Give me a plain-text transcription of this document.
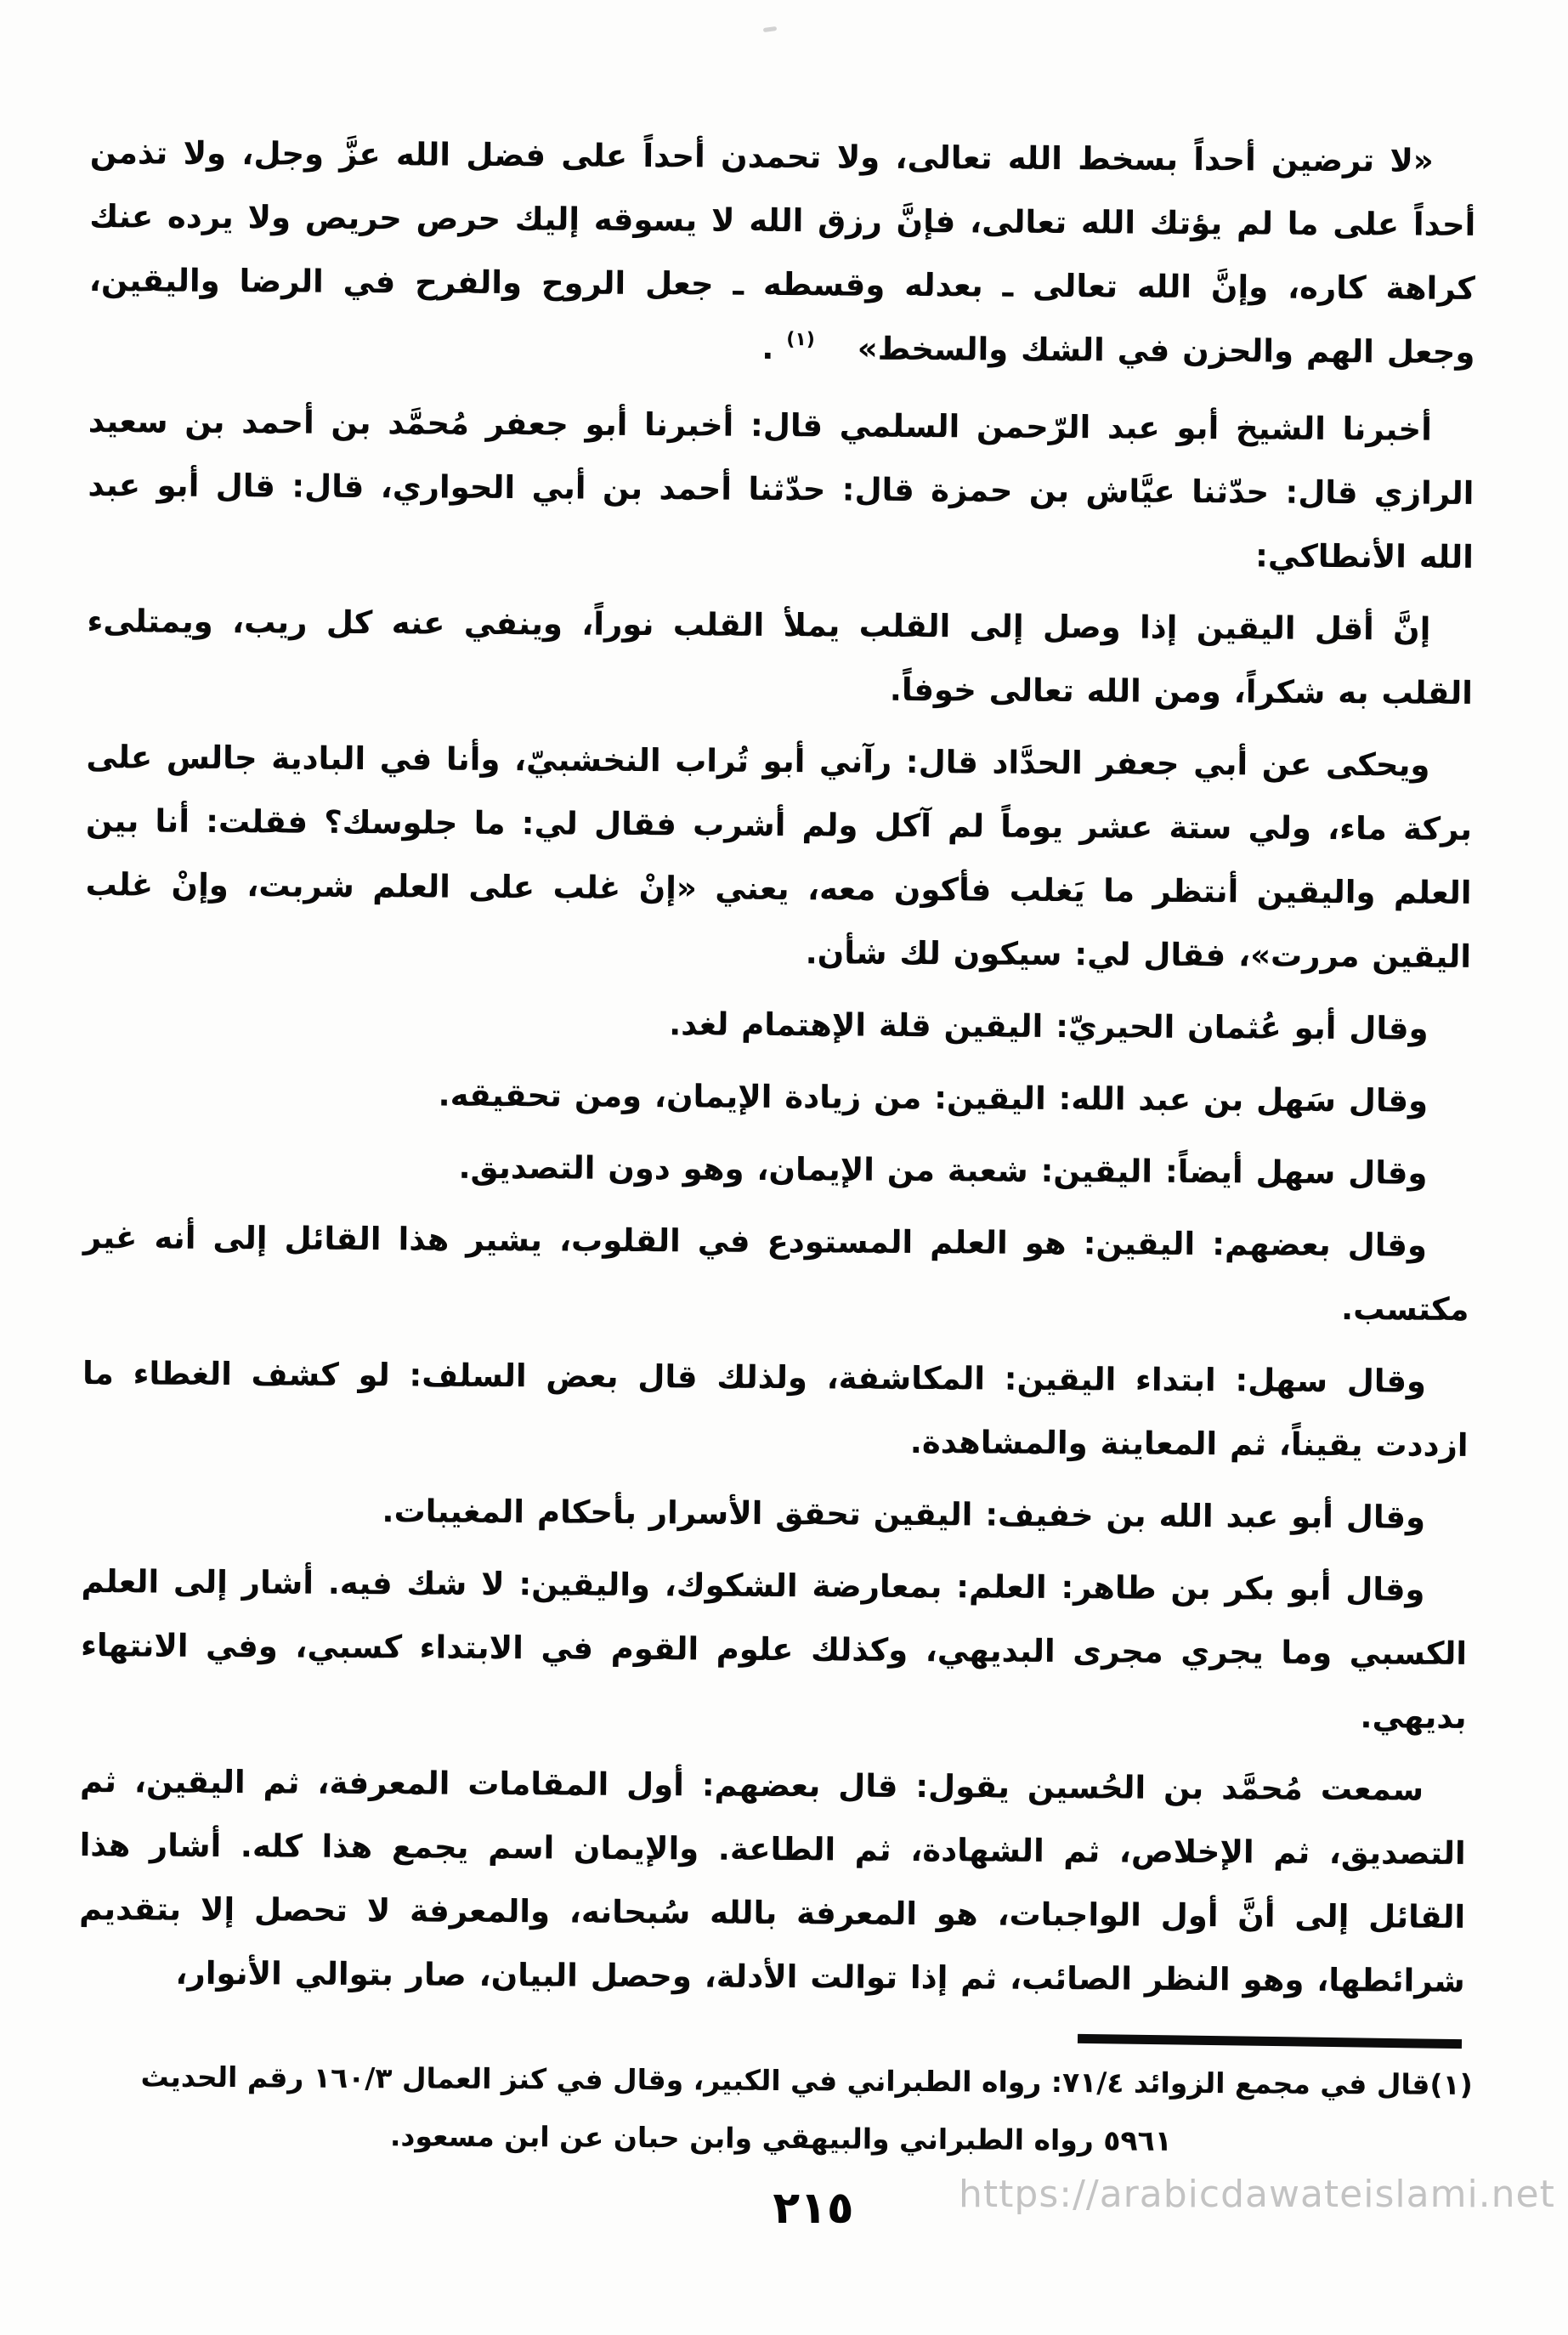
«لا ترضين أحداً بسخط الله تعالى، ولا تحمدن أحداً على فضل الله عزَّ وجل، ولا تذمن أحداً على ما لم يؤتك الله تعالى، فإنَّ رزق الله لا يسوقه إليك حرص حريص ولا يرده عنك كراهة كاره، وإنَّ الله تعالى ـ بعدله وقسطه ـ جعل الروح والفرح في الرضا واليقين، وجعل الهم والحزن في الشك والسخط»(١) .

أخبرنا الشيخ أبو عبد الرّحمن السلمي قال: أخبرنا أبو جعفر مُحمَّد بن أحمد بن سعيد الرازي قال: حدّثنا عيَّاش بن حمزة قال: حدّثنا أحمد بن أبي الحواري، قال: قال أبو عبد الله الأنطاكي:

إنَّ أقل اليقين إذا وصل إلى القلب يملأ القلب نوراً، وينفي عنه كل ريب، ويمتلىء القلب به شكراً، ومن الله تعالى خوفاً.

ويحكى عن أبي جعفر الحدَّاد قال: رآني أبو تُراب النخشبيّ، وأنا في البادية جالس على بركة ماء، ولي ستة عشر يوماً لم آكل ولم أشرب فقال لي: ما جلوسك؟ فقلت: أنا بين العلم واليقين أنتظر ما يَغلب فأكون معه، يعني «إنْ غلب على العلم شربت، وإنْ غلب اليقين مررت»، فقال لي: سيكون لك شأن.

وقال أبو عُثمان الحيريّ: اليقين قلة الإهتمام لغد.

وقال سَهل بن عبد الله: اليقين: من زيادة الإيمان، ومن تحقيقه.

وقال سهل أيضاً: اليقين: شعبة من الإيمان، وهو دون التصديق.

وقال بعضهم: اليقين: هو العلم المستودع في القلوب، يشير هذا القائل إلى أنه غير مكتسب.

وقال سهل: ابتداء اليقين: المكاشفة، ولذلك قال بعض السلف: لو كشف الغطاء ما ازددت يقيناً، ثم المعاينة والمشاهدة.

وقال أبو عبد الله بن خفيف: اليقين تحقق الأسرار بأحكام المغيبات.

وقال أبو بكر بن طاهر: العلم: بمعارضة الشكوك، واليقين: لا شك فيه. أشار إلى العلم الكسبي وما يجري مجرى البديهي، وكذلك علوم القوم في الابتداء كسبي، وفي الانتهاء بديهي.

سمعت مُحمَّد بن الحُسين يقول: قال بعضهم: أول المقامات المعرفة، ثم اليقين، ثم التصديق، ثم الإخلاص، ثم الشهادة، ثم الطاعة. والإيمان اسم يجمع هذا كله. أشار هذا القائل إلى أنَّ أول الواجبات، هو المعرفة بالله سُبحانه، والمعرفة لا تحصل إلا بتقديم شرائطها، وهو النظر الصائب، ثم إذا توالت الأدلة، وحصل البيان، صار بتوالي الأنوار،

(١)قال في مجمع الزوائد ٧١/٤: رواه الطبراني في الكبير، وقال في كنز العمال ١٦٠/٣ رقم الحديث
٥٩٦١ رواه الطبراني والبيهقي وابن حبان عن ابن مسعود.
٢١٥	https://arabicdawateislami.net
